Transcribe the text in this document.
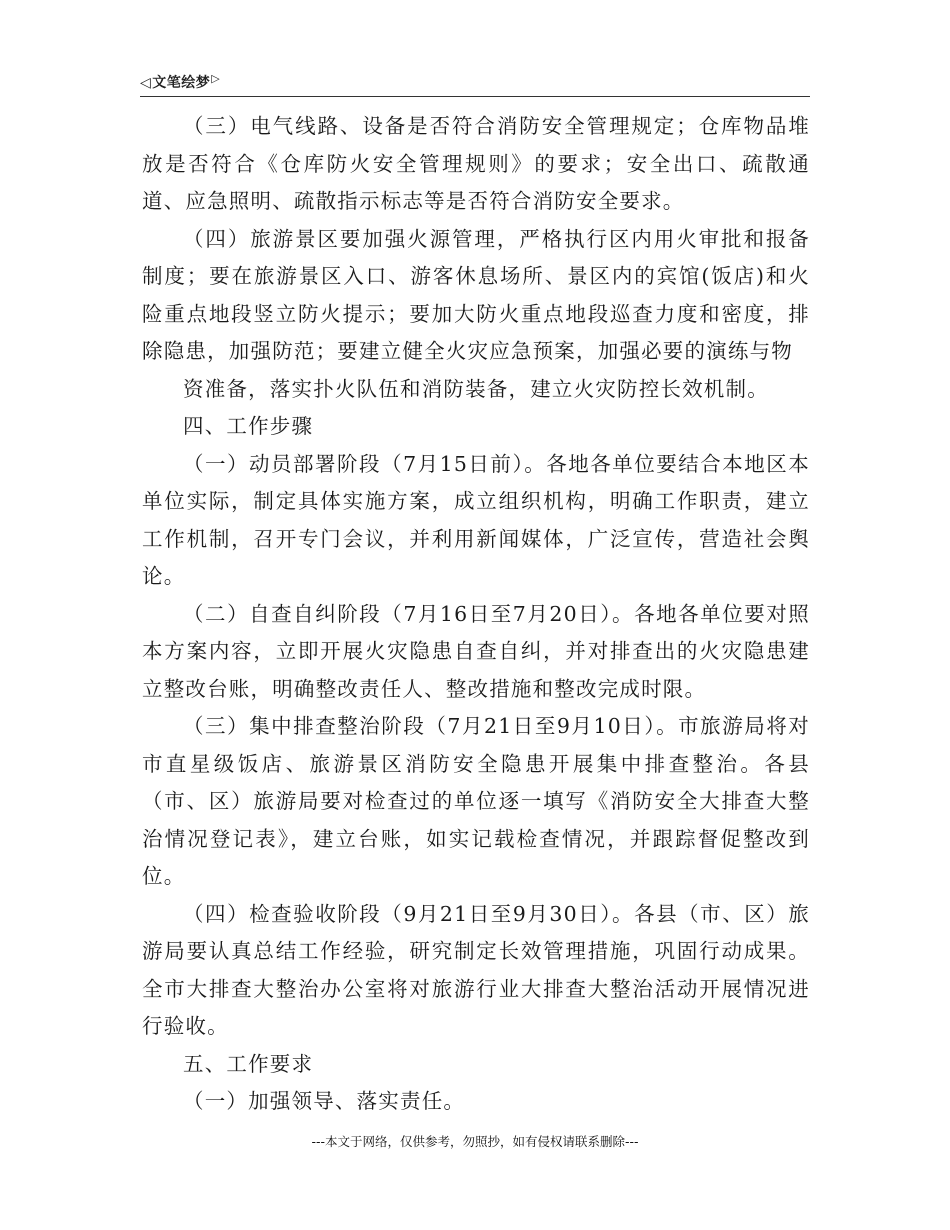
◁文笔绘梦▷

（三）电气线路、设备是否符合消防安全管理规定；仓库物品堆放是否符合《仓库防火安全管理规则》的要求；安全出口、疏散通道、应急照明、疏散指示标志等是否符合消防安全要求。

（四）旅游景区要加强火源管理，严格执行区内用火审批和报备制度；要在旅游景区入口、游客休息场所、景区内的宾馆(饭店)和火险重点地段竖立防火提示；要加大防火重点地段巡查力度和密度，排除隐患，加强防范；要建立健全火灾应急预案，加强必要的演练与物

资准备，落实扑火队伍和消防装备，建立火灾防控长效机制。

四、工作步骤

（一）动员部署阶段（7月15日前）。各地各单位要结合本地区本单位实际，制定具体实施方案，成立组织机构，明确工作职责，建立工作机制，召开专门会议，并利用新闻媒体，广泛宣传，营造社会舆论。

（二）自查自纠阶段（7月16日至7月20日）。各地各单位要对照本方案内容，立即开展火灾隐患自查自纠，并对排查出的火灾隐患建立整改台账，明确整改责任人、整改措施和整改完成时限。

（三）集中排查整治阶段（7月21日至9月10日）。市旅游局将对市直星级饭店、旅游景区消防安全隐患开展集中排查整治。各县（市、区）旅游局要对检查过的单位逐一填写《消防安全大排查大整治情况登记表》，建立台账，如实记载检查情况，并跟踪督促整改到位。

（四）检查验收阶段（9月21日至9月30日）。各县（市、区）旅游局要认真总结工作经验，研究制定长效管理措施，巩固行动成果。全市大排查大整治办公室将对旅游行业大排查大整治活动开展情况进行验收。

五、工作要求

（一）加强领导、落实责任。

---本文于网络，仅供参考，勿照抄，如有侵权请联系删除---
